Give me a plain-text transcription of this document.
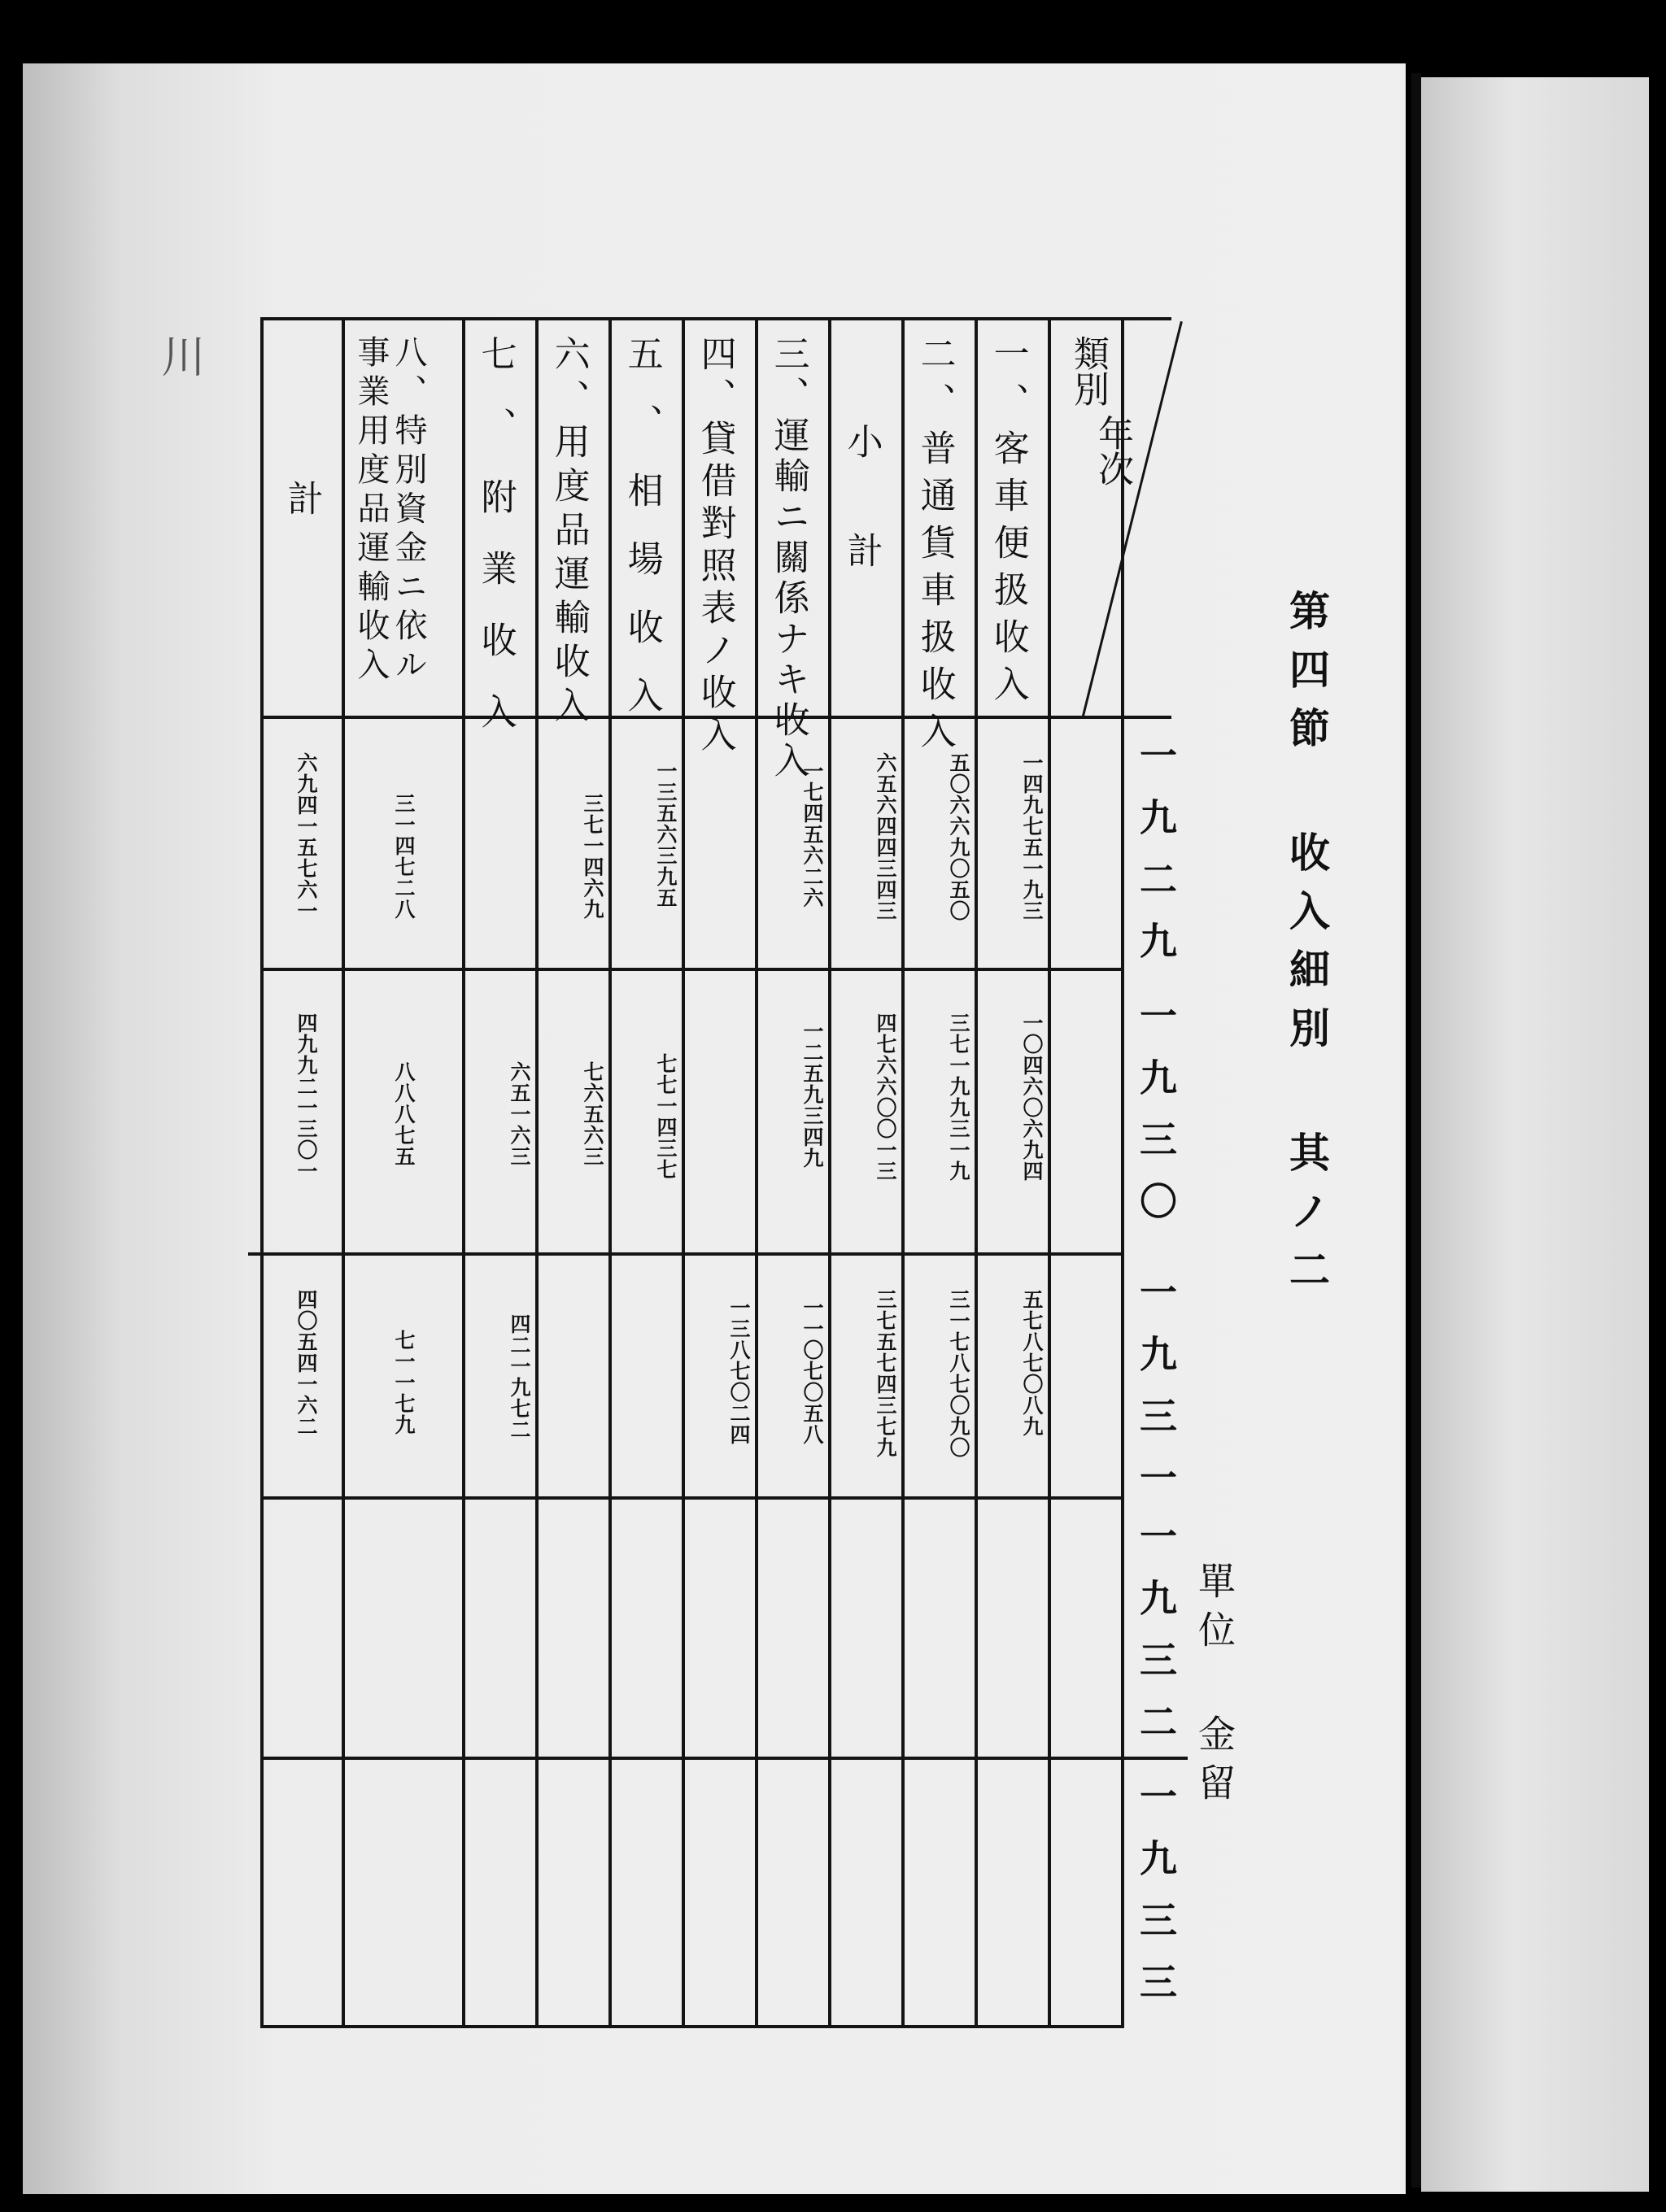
第四節 收入細別 其ノ二
單位 金留
川
年次
類別
一九二九
一九三〇
一九三一
一九三二
一九三三
一、客車便扱收入
二、普通貨車扱收入
小計
三、運輸ニ關係ナキ收入
四、貸借對照表ノ收入
五、相場收入
六、用度品運輸收入
七、附業收入
八、特別資金ニ依ル事業用度品運輸收入
計
一四九七五一九三
一〇四六〇六九四
五七八七〇八九
五〇六六九〇五〇
三七一九九三一九
三一七八七〇九〇
六五六四四三四三
四七六六〇〇一三
三七五七四三七九
一七四五六二六
一二五九三四九
一一〇七〇五八
一三八七〇二四
一三五六三九五
七七一四三七
三七一四六九
七六五六三
六五一六三
四二一九七二
三一四七二八
八八八七五
七一一七九
六九四一五七六一
四九九二一三〇一
四〇五四一六二
